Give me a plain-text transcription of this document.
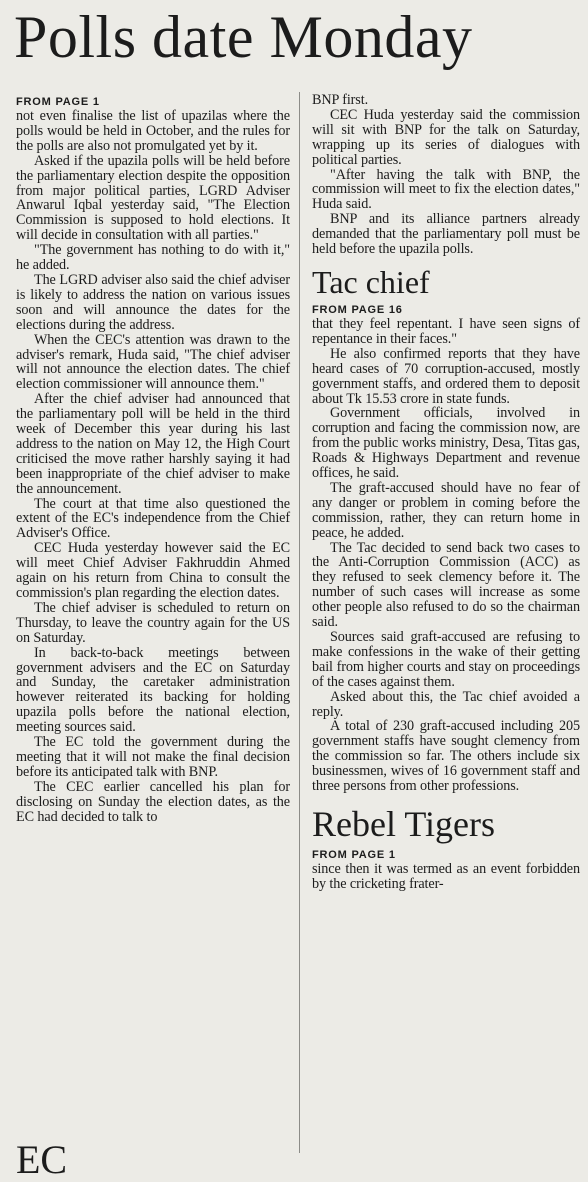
Polls date Monday
FROM PAGE 1

not even finalise the list of upazilas where the polls would be held in October, and the rules for the polls are also not promulgated yet by it.

Asked if the upazila polls will be held before the parliamentary election despite the opposition from major political parties, LGRD Adviser Anwarul Iqbal yesterday said, "The Election Commission is supposed to hold elections. It will decide in consultation with all parties."

"The government has nothing to do with it," he added.

The LGRD adviser also said the chief adviser is likely to address the nation on various issues soon and will announce the dates for the elections during the address.

When the CEC's attention was drawn to the adviser's remark, Huda said, "The chief adviser will not announce the election dates. The chief election commissioner will announce them."

After the chief adviser had announced that the parliamentary poll will be held in the third week of December this year during his last address to the nation on May 12, the High Court criticised the move rather harshly saying it had been inappropriate of the chief adviser to make the announcement.

The court at that time also questioned the extent of the EC's independence from the Chief Adviser's Office.

CEC Huda yesterday however said the EC will meet Chief Adviser Fakhruddin Ahmed again on his return from China to consult the commission's plan regarding the election dates.

The chief adviser is scheduled to return on Thursday, to leave the country again for the US on Saturday.

In back-to-back meetings between government advisers and the EC on Saturday and Sunday, the caretaker administration however reiterated its backing for holding upazila polls before the national election, meeting sources said.

The EC told the government during the meeting that it will not make the final decision before its anticipated talk with BNP.

The CEC earlier cancelled his plan for disclosing on Sunday the election dates, as the EC had decided to talk to

EC

BNP first.

CEC Huda yesterday said the commission will sit with BNP for the talk on Saturday, wrapping up its series of dialogues with political parties.

"After having the talk with BNP, the commission will meet to fix the election dates," Huda said.

BNP and its alliance partners already demanded that the parliamentary poll must be held before the upazila polls.

Tac chief
FROM PAGE 16

that they feel repentant. I have seen signs of repentance in their faces."

He also confirmed reports that they have heard cases of 70 corruption-accused, mostly government staffs, and ordered them to deposit about Tk 15.53 crore in state funds.

Government officials, involved in corruption and facing the commission now, are from the public works ministry, Desa, Titas gas, Roads & Highways Department and revenue offices, he said.

The graft-accused should have no fear of any danger or problem in coming before the commission, rather, they can return home in peace, he added.

The Tac decided to send back two cases to the Anti-Corruption Commission (ACC) as they refused to seek clemency before it. The number of such cases will increase as some other people also refused to do so the chairman said.

Sources said graft-accused are refusing to make confessions in the wake of their getting bail from higher courts and stay on proceedings of the cases against them.

Asked about this, the Tac chief avoided a reply.

A total of 230 graft-accused including 205 government staffs have sought clemency from the commission so far. The others include six businessmen, wives of 16 government staff and three persons from other professions.

Rebel Tigers
FROM PAGE 1

since then it was termed as an event forbidden by the cricketing frater-
